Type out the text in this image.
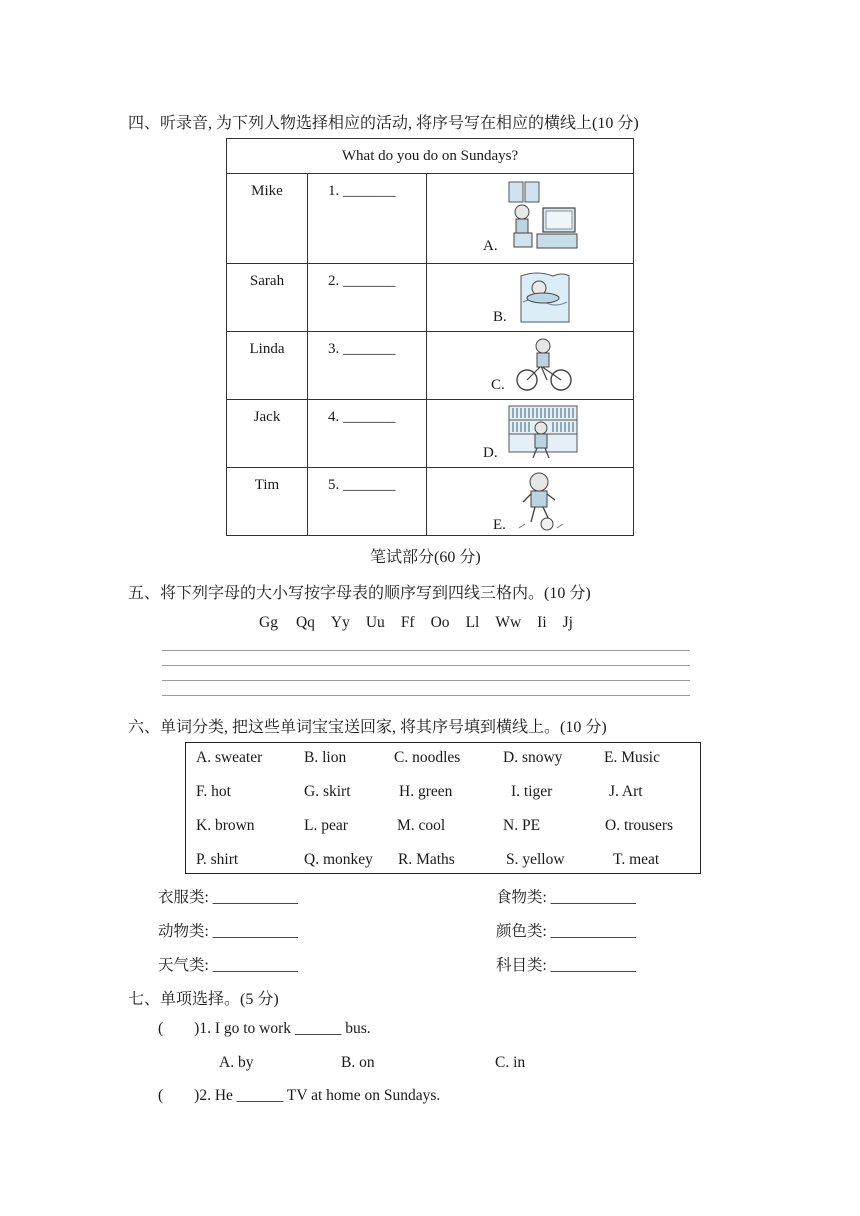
四、听录音, 为下列人物选择相应的活动, 将序号写在相应的横线上(10 分)
What do you do on Sundays?		

Mike	1. _______	A.

Sarah	2. _______	B.

Linda	3. _______	C.

Jack	4. _______	D.

Tim	5. _______	E.
笔试部分(60 分)
五、将下列字母的大小写按字母表的顺序写到四线三格内。(10 分)
Gg Qq Yy Uu Ff Oo Ll Ww Ii Jj
六、单词分类, 把这些单词宝宝送回家, 将其序号填到横线上。(10 分)
A. sweater	B. lion	C. noodles	D. snowy	E. Music
F. hot	G. skirt	H. green	I. tiger	J. Art
K. brown	L. pear	M. cool	N. PE	O. trousers
P. shirt	Q. monkey R. Maths	S. yellow	T. meat
衣服类: ___________	食物类: ___________
动物类: ___________	颜色类: ___________
天气类: ___________	科目类: ___________
七、单项选择。(5 分)
(        )1. I go to work ______ bus.
A. by	B. on	C. in
(        )2. He ______ TV at home on Sundays.
